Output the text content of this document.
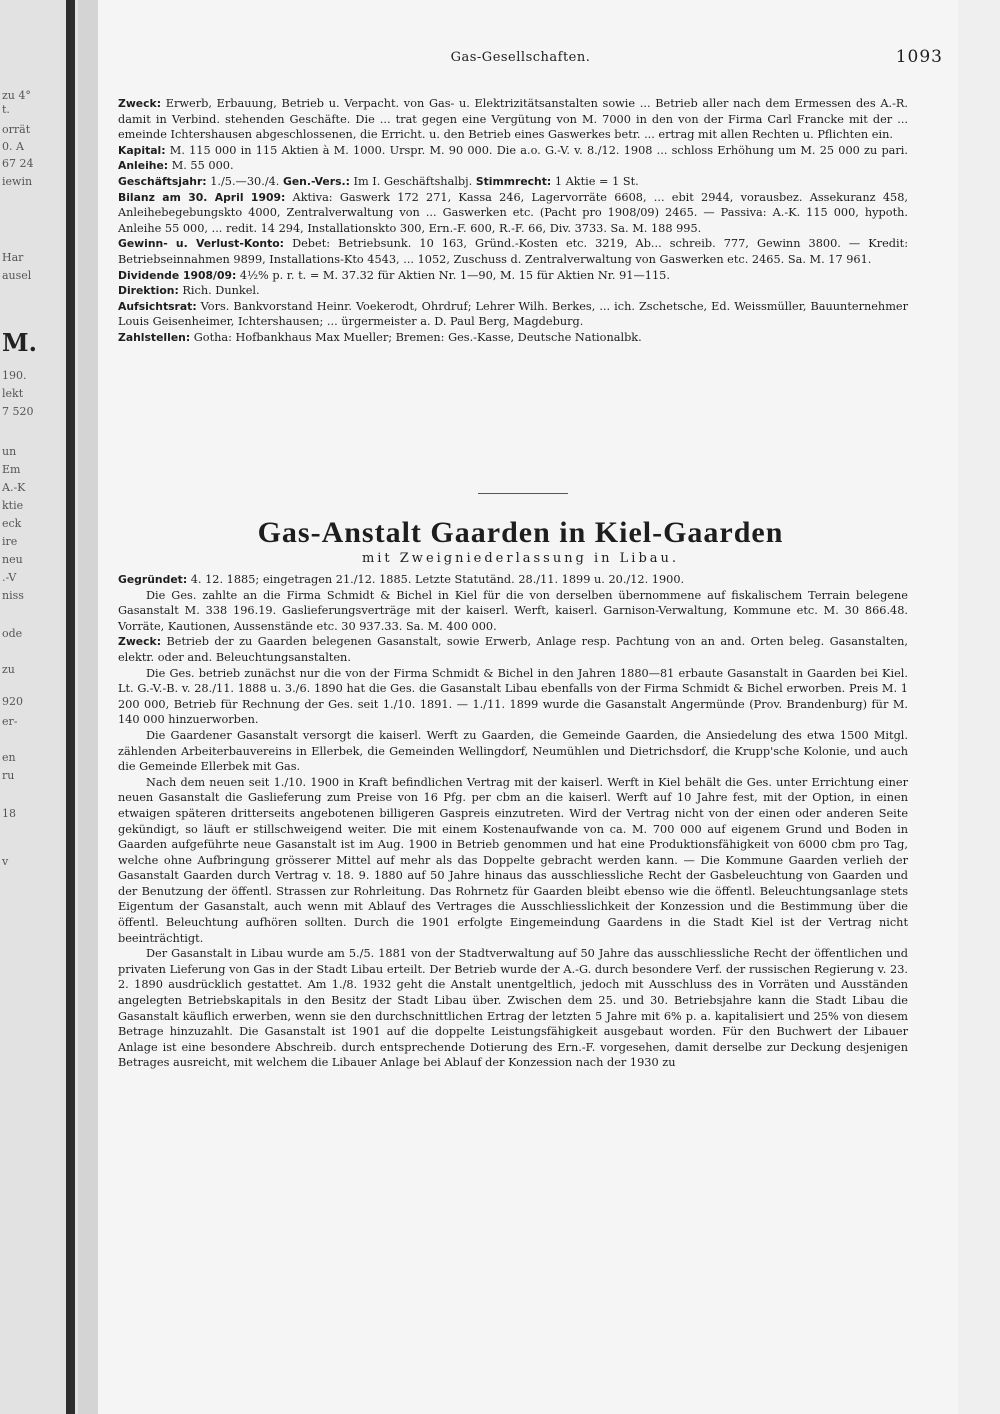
zu 4°
t.
orrät
0. A
67 24
iewin
Har
ausel
M.
190.
lekt
7 520
un
Em
A.-K
ktie
eck
ire
neu
.-V
niss
ode
zu
920
er-
en
ru
18
v
Gas-Gesellschaften.	1093

Zweck: Erwerb, Erbauung, Betrieb u. Verpacht. von Gas- u. Elektrizitätsanstalten sowie ... Betrieb aller nach dem Ermessen des A.-R. damit in Verbind. stehenden Geschäfte. Die ... trat gegen eine Vergütung von M. 7000 in den von der Firma Carl Francke mit der ... emeinde Ichtershausen abgeschlossenen, die Erricht. u. den Betrieb eines Gaswerkes betr. ... ertrag mit allen Rechten u. Pflichten ein.

Kapital: M. 115 000 in 115 Aktien à M. 1000. Urspr. M. 90 000. Die a.o. G.-V. v. 8./12. 1908 ... schloss Erhöhung um M. 25 000 zu pari. Anleihe: M. 55 000.

Geschäftsjahr: 1./5.—30./4. Gen.-Vers.: Im I. Geschäftshalbj. Stimmrecht: 1 Aktie = 1 St.

Bilanz am 30. April 1909: Aktiva: Gaswerk 172 271, Kassa 246, Lagervorräte 6608, ... ebit 2944, vorausbez. Assekuranz 458, Anleihebegebungskto 4000, Zentralverwaltung von ... Gaswerken etc. (Pacht pro 1908/09) 2465. — Passiva: A.-K. 115 000, hypoth. Anleihe 55 000, ... redit. 14 294, Installationskto 300, Ern.-F. 600, R.-F. 66, Div. 3733. Sa. M. 188 995.

Gewinn- u. Verlust-Konto: Debet: Betriebsunk. 10 163, Gründ.-Kosten etc. 3219, Ab... schreib. 777, Gewinn 3800. — Kredit: Betriebseinnahmen 9899, Installations-Kto 4543, ... 1052, Zuschuss d. Zentralverwaltung von Gaswerken etc. 2465. Sa. M. 17 961.

Dividende 1908/09: 4½% p. r. t. = M. 37.32 für Aktien Nr. 1—90, M. 15 für Aktien Nr. 91—115.

Direktion: Rich. Dunkel.

Aufsichtsrat: Vors. Bankvorstand Heinr. Voekerodt, Ohrdruf; Lehrer Wilh. Berkes, ... ich. Zschetsche, Ed. Weissmüller, Bauunternehmer Louis Geisenheimer, Ichtershausen; ... ürgermeister a. D. Paul Berg, Magdeburg.

Zahlstellen: Gotha: Hofbankhaus Max Mueller; Bremen: Ges.-Kasse, Deutsche Nationalbk.

Gas-Anstalt Gaarden in Kiel-Gaarden
mit Zweigniederlassung in Libau.

Gegründet: 4. 12. 1885; eingetragen 21./12. 1885. Letzte Statutänd. 28./11. 1899 u. 20./12. 1900.

Die Ges. zahlte an die Firma Schmidt & Bichel in Kiel für die von derselben übernommene auf fiskalischem Terrain belegene Gasanstalt M. 338 196.19. Gaslieferungsverträge mit der kaiserl. Werft, kaiserl. Garnison-Verwaltung, Kommune etc. M. 30 866.48. Vorräte, Kautionen, Aussenstände etc. 30 937.33. Sa. M. 400 000.

Zweck: Betrieb der zu Gaarden belegenen Gasanstalt, sowie Erwerb, Anlage resp. Pachtung von an and. Orten beleg. Gasanstalten, elektr. oder and. Beleuchtungsanstalten.

Die Ges. betrieb zunächst nur die von der Firma Schmidt & Bichel in den Jahren 1880—81 erbaute Gasanstalt in Gaarden bei Kiel. Lt. G.-V.-B. v. 28./11. 1888 u. 3./6. 1890 hat die Ges. die Gasanstalt Libau ebenfalls von der Firma Schmidt & Bichel erworben. Preis M. 1 200 000, Betrieb für Rechnung der Ges. seit 1./10. 1891. — 1./11. 1899 wurde die Gasanstalt Angermünde (Prov. Brandenburg) für M. 140 000 hinzuerworben.

Die Gaardener Gasanstalt versorgt die kaiserl. Werft zu Gaarden, die Gemeinde Gaarden, die Ansiedelung des etwa 1500 Mitgl. zählenden Arbeiterbauvereins in Ellerbek, die Gemeinden Wellingdorf, Neumühlen und Dietrichsdorf, die Krupp'sche Kolonie, und auch die Gemeinde Ellerbek mit Gas.

Nach dem neuen seit 1./10. 1900 in Kraft befindlichen Vertrag mit der kaiserl. Werft in Kiel behält die Ges. unter Errichtung einer neuen Gasanstalt die Gaslieferung zum Preise von 16 Pfg. per cbm an die kaiserl. Werft auf 10 Jahre fest, mit der Option, in einen etwaigen späteren dritterseits angebotenen billigeren Gaspreis einzutreten. Wird der Vertrag nicht von der einen oder anderen Seite gekündigt, so läuft er stillschweigend weiter. Die mit einem Kostenaufwande von ca. M. 700 000 auf eigenem Grund und Boden in Gaarden aufgeführte neue Gasanstalt ist im Aug. 1900 in Betrieb genommen und hat eine Produktionsfähigkeit von 6000 cbm pro Tag, welche ohne Aufbringung grösserer Mittel auf mehr als das Doppelte gebracht werden kann. — Die Kommune Gaarden verlieh der Gasanstalt Gaarden durch Vertrag v. 18. 9. 1880 auf 50 Jahre hinaus das ausschliessliche Recht der Gasbeleuchtung von Gaarden und der Benutzung der öffentl. Strassen zur Rohrleitung. Das Rohrnetz für Gaarden bleibt ebenso wie die öffentl. Beleuchtungsanlage stets Eigentum der Gasanstalt, auch wenn mit Ablauf des Vertrages die Ausschliesslichkeit der Konzession und die Bestimmung über die öffentl. Beleuchtung aufhören sollten. Durch die 1901 erfolgte Eingemeindung Gaardens in die Stadt Kiel ist der Vertrag nicht beeinträchtigt.

Der Gasanstalt in Libau wurde am 5./5. 1881 von der Stadtverwaltung auf 50 Jahre das ausschliessliche Recht der öffentlichen und privaten Lieferung von Gas in der Stadt Libau erteilt. Der Betrieb wurde der A.-G. durch besondere Verf. der russischen Regierung v. 23. 2. 1890 ausdrücklich gestattet. Am 1./8. 1932 geht die Anstalt unentgeltlich, jedoch mit Ausschluss des in Vorräten und Ausständen angelegten Betriebskapitals in den Besitz der Stadt Libau über. Zwischen dem 25. und 30. Betriebsjahre kann die Stadt Libau die Gasanstalt käuflich erwerben, wenn sie den durchschnittlichen Ertrag der letzten 5 Jahre mit 6% p. a. kapitalisiert und 25% von diesem Betrage hinzuzahlt. Die Gasanstalt ist 1901 auf die doppelte Leistungsfähigkeit ausgebaut worden. Für den Buchwert der Libauer Anlage ist eine besondere Abschreib. durch entsprechende Dotierung des Ern.-F. vorgesehen, damit derselbe zur Deckung desjenigen Betrages ausreicht, mit welchem die Libauer Anlage bei Ablauf der Konzession nach der 1930 zu
